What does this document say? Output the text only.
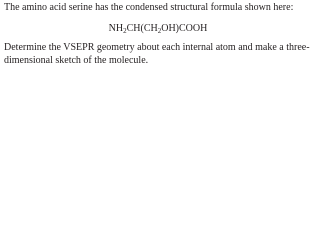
The amino acid serine has the condensed structural formula shown here:

$NH_2CH(CH_2OH)COOH$

Determine the VSEPR geometry about each internal atom and make a three-dimensional sketch of the molecule.
